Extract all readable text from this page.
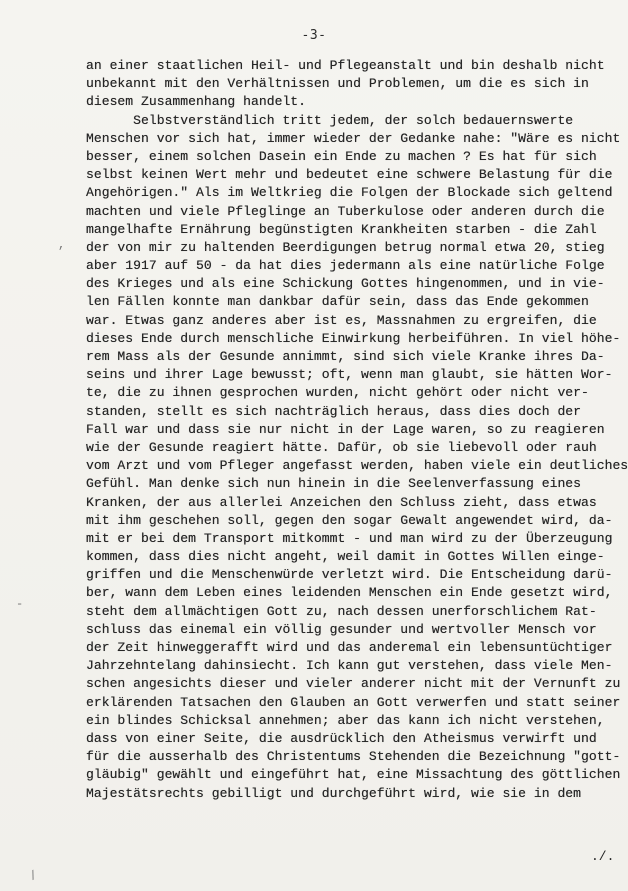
-3-
an einer staatlichen Heil- und Pflegeanstalt und bin deshalb nicht
unbekannt mit den Verhältnissen und Problemen, um die es sich in
diesem Zusammenhang handelt.
Selbstverständlich tritt jedem, der solch bedauernswerte
Menschen vor sich hat, immer wieder der Gedanke nahe: "Wäre es nicht
besser, einem solchen Dasein ein Ende zu machen ? Es hat für sich
selbst keinen Wert mehr und bedeutet eine schwere Belastung für die
Angehörigen." Als im Weltkrieg die Folgen der Blockade sich geltend
machten und viele Pfleglinge an Tuberkulose oder anderen durch die
mangelhafte Ernährung begünstigten Krankheiten starben - die Zahl
der von mir zu haltenden Beerdigungen betrug normal etwa 20, stieg
aber 1917 auf 50 - da hat dies jedermann als eine natürliche Folge
des Krieges und als eine Schickung Gottes hingenommen, und in vie-
len Fällen konnte man dankbar dafür sein, dass das Ende gekommen
war. Etwas ganz anderes aber ist es, Massnahmen zu ergreifen, die
dieses Ende durch menschliche Einwirkung herbeiführen. In viel höhe-
rem Mass als der Gesunde annimmt, sind sich viele Kranke ihres Da-
seins und ihrer Lage bewusst; oft, wenn man glaubt, sie hätten Wor-
te, die zu ihnen gesprochen wurden, nicht gehört oder nicht ver-
standen, stellt es sich nachträglich heraus, dass dies doch der
Fall war und dass sie nur nicht in der Lage waren, so zu reagieren
wie der Gesunde reagiert hätte. Dafür, ob sie liebevoll oder rauh
vom Arzt und vom Pfleger angefasst werden, haben viele ein deutliches
Gefühl. Man denke sich nun hinein in die Seelenverfassung eines
Kranken, der aus allerlei Anzeichen den Schluss zieht, dass etwas
mit ihm geschehen soll, gegen den sogar Gewalt angewendet wird, da-
mit er bei dem Transport mitkommt - und man wird zu der Überzeugung
kommen, dass dies nicht angeht, weil damit in Gottes Willen einge-
griffen und die Menschenwürde verletzt wird. Die Entscheidung darü-
ber, wann dem Leben eines leidenden Menschen ein Ende gesetzt wird,
steht dem allmächtigen Gott zu, nach dessen unerforschlichem Rat-
schluss das einemal ein völlig gesunder und wertvoller Mensch vor
der Zeit hinweggerafft wird und das anderemal ein lebensuntüchtiger
Jahrzehntelang dahinsiecht. Ich kann gut verstehen, dass viele Men-
schen angesichts dieser und vieler anderer nicht mit der Vernunft zu
erklärenden Tatsachen den Glauben an Gott verwerfen und statt seiner
ein blindes Schicksal annehmen; aber das kann ich nicht verstehen,
dass von einer Seite, die ausdrücklich den Atheismus verwirft und
für die ausserhalb des Christentums Stehenden die Bezeichnung "gott-
gläubig" gewählt und eingeführt hat, eine Missachtung des göttlichen
Majestätsrechts gebilligt und durchgeführt wird, wie sie in dem
./.
,
-
/
